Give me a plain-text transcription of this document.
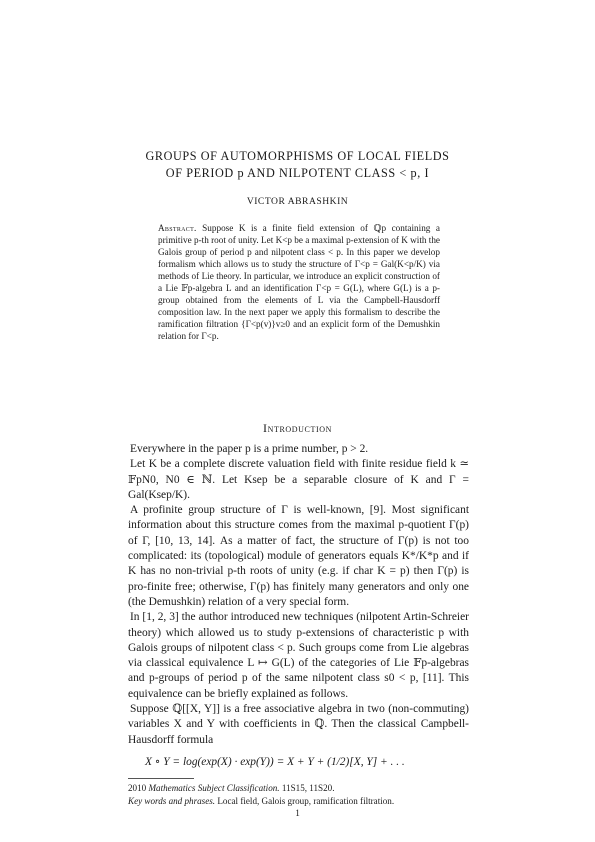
GROUPS OF AUTOMORPHISMS OF LOCAL FIELDS
OF PERIOD p AND NILPOTENT CLASS < p, I
VICTOR ABRASHKIN
Abstract. Suppose K is a finite field extension of ℚp containing a primitive p-th root of unity. Let K<p be a maximal p-extension of K with the Galois group of period p and nilpotent class < p. In this paper we develop formalism which allows us to study the structure of Γ<p = Gal(K<p/K) via methods of Lie theory. In particular, we introduce an explicit construction of a Lie 𝔽p-algebra L and an identification Γ<p = G(L), where G(L) is a p-group obtained from the elements of L via the Campbell-Hausdorff composition law. In the next paper we apply this formalism to describe the ramification filtration {Γ<p(v)}v≥0 and an explicit form of the Demushkin relation for Γ<p.
Introduction

Everywhere in the paper p is a prime number, p > 2.

Let K be a complete discrete valuation field with finite residue field k ≃ 𝔽pN0, N0 ∈ ℕ. Let Ksep be a separable closure of K and Γ = Gal(Ksep/K).

A profinite group structure of Γ is well-known, [9]. Most significant information about this structure comes from the maximal p-quotient Γ(p) of Γ, [10, 13, 14]. As a matter of fact, the structure of Γ(p) is not too complicated: its (topological) module of generators equals K*/K*p and if K has no non-trivial p-th roots of unity (e.g. if char K = p) then Γ(p) is pro-finite free; otherwise, Γ(p) has finitely many generators and only one (the Demushkin) relation of a very special form.

In [1, 2, 3] the author introduced new techniques (nilpotent Artin-Schreier theory) which allowed us to study p-extensions of characteristic p with Galois groups of nilpotent class < p. Such groups come from Lie algebras via classical equivalence L ↦ G(L) of the categories of Lie 𝔽p-algebras and p-groups of period p of the same nilpotent class s0 < p, [11]. This equivalence can be briefly explained as follows.

Suppose ℚ[[X, Y]] is a free associative algebra in two (non-commuting) variables X and Y with coefficients in ℚ. Then the classical Campbell-Hausdorff formula

X ∘ Y = log(exp(X) · exp(Y)) = X + Y + (1/2)[X, Y] + . . .
2010 Mathematics Subject Classification. 11S15, 11S20.
Key words and phrases. Local field, Galois group, ramification filtration.
1
